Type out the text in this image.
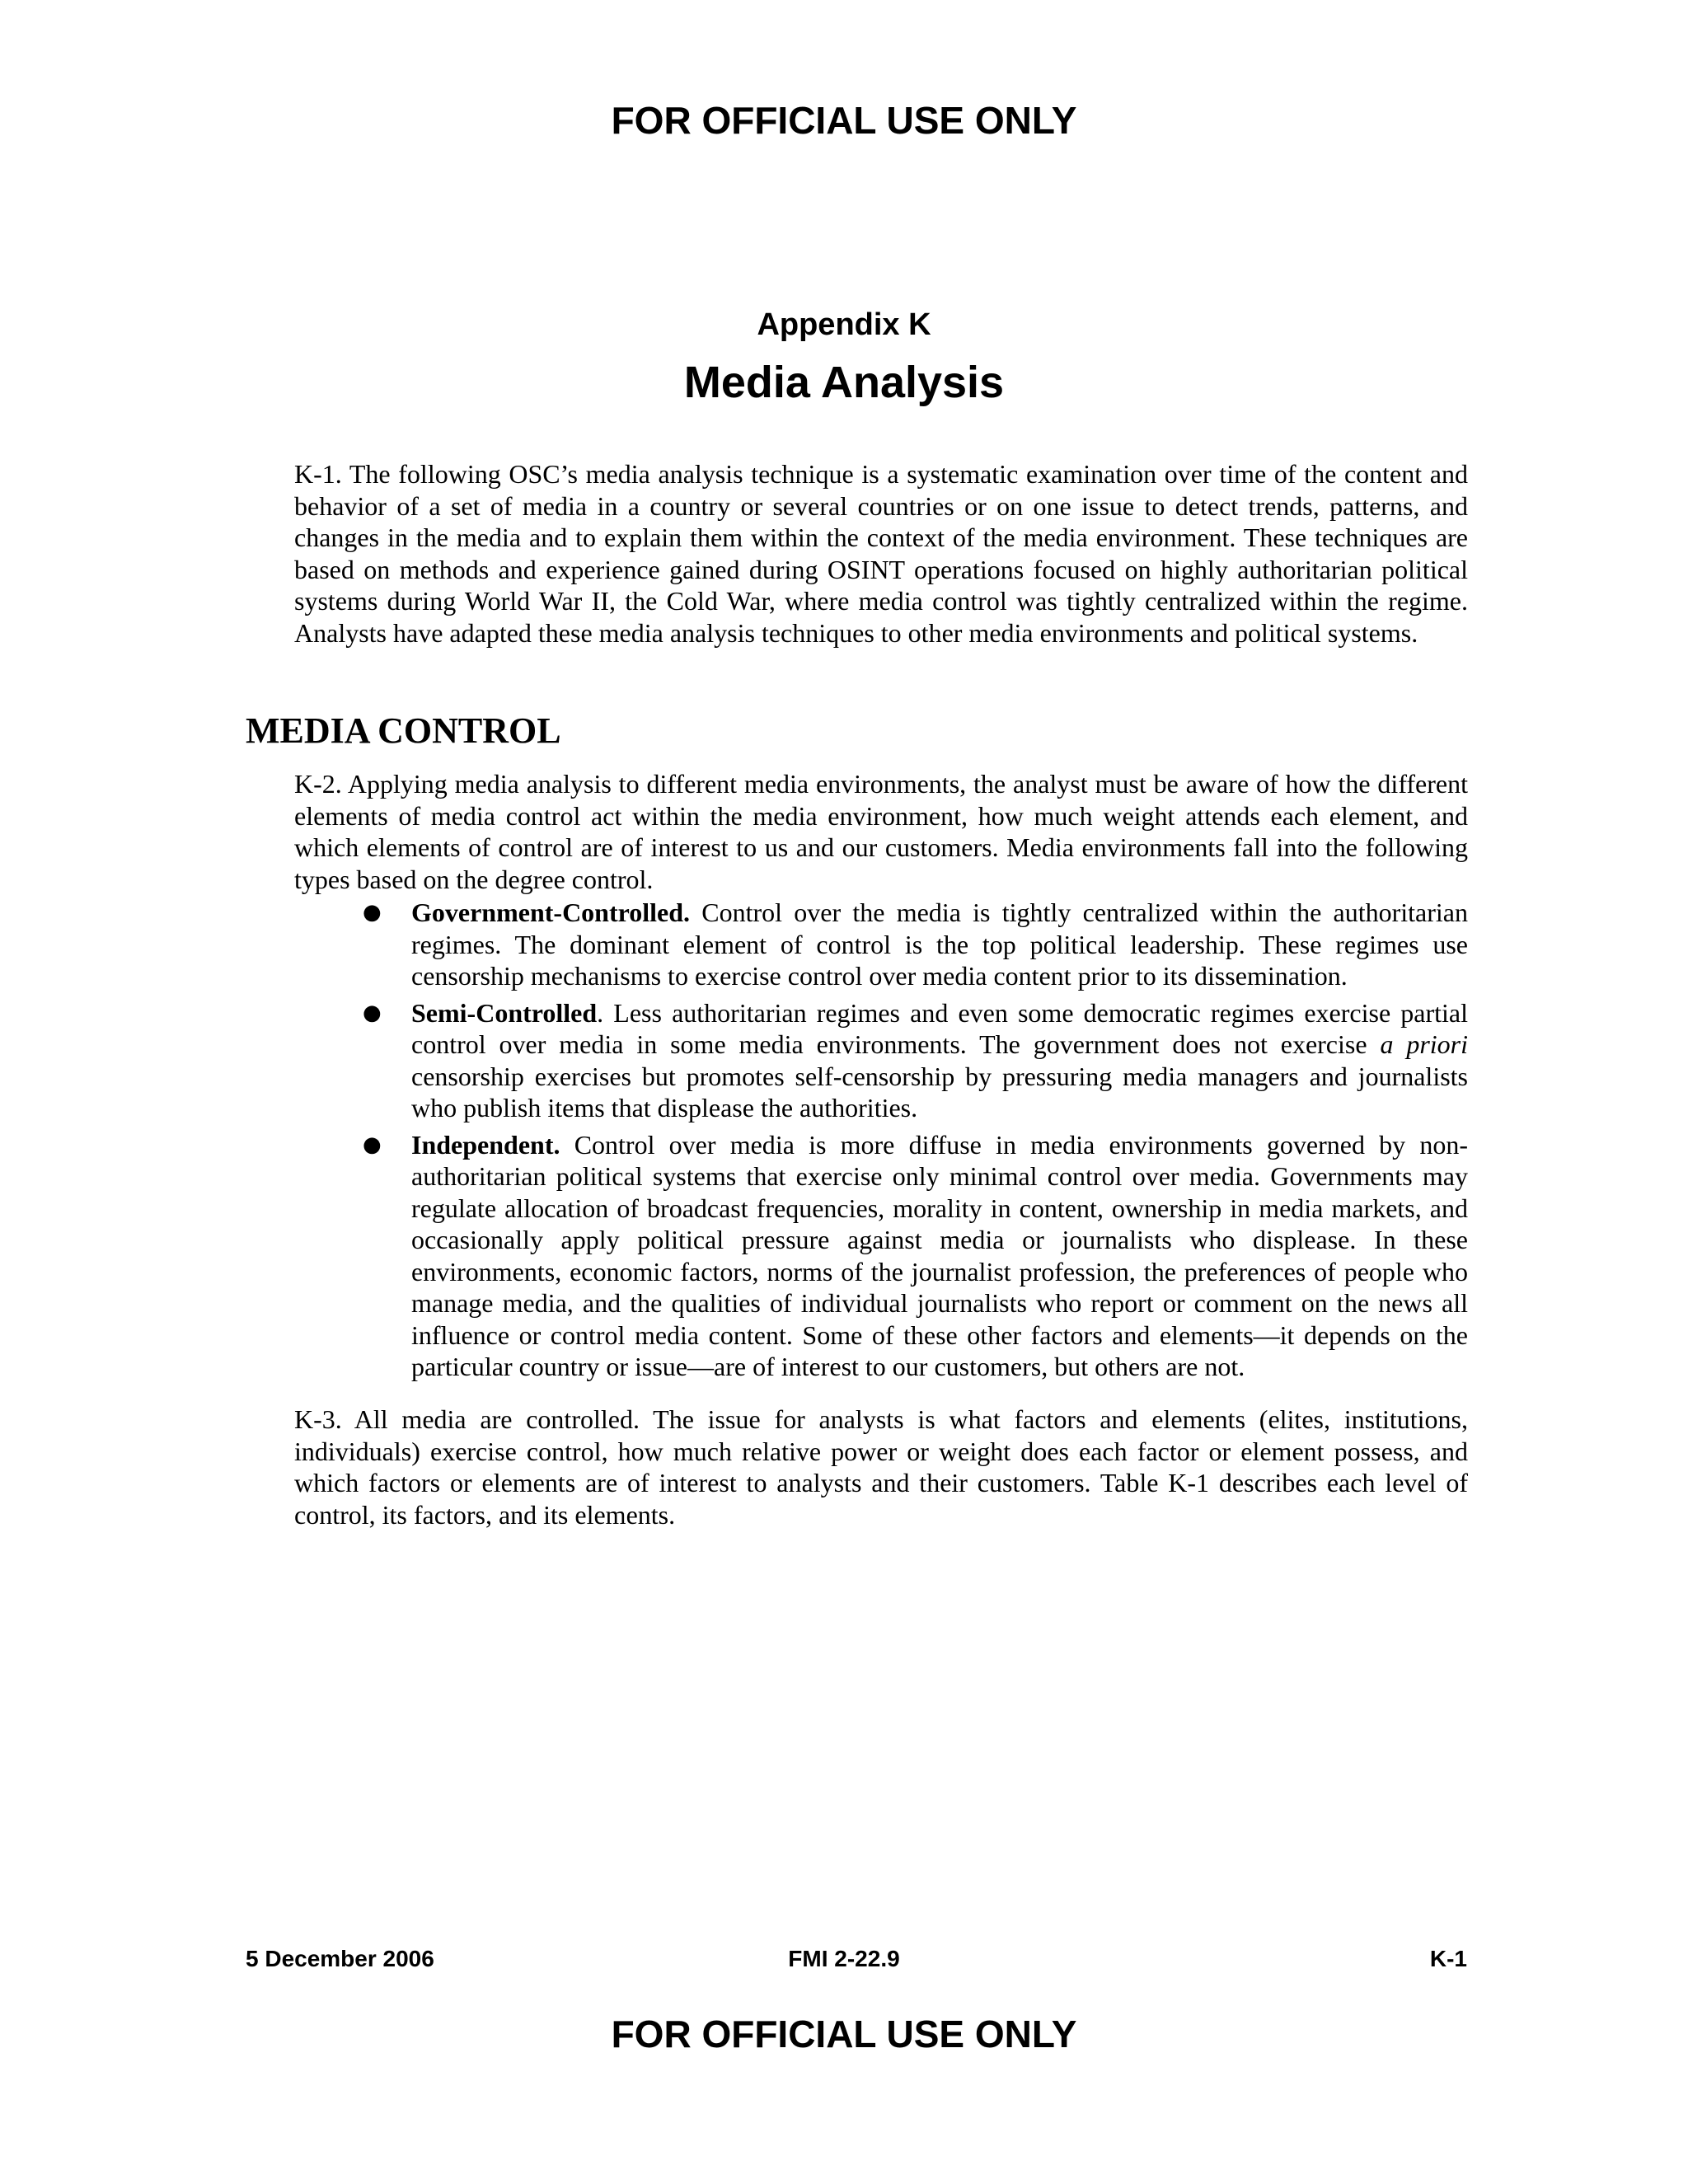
FOR OFFICIAL USE ONLY
Appendix K
Media Analysis

K-1. The following OSC’s media analysis technique is a systematic examination over time of the content and behavior of a set of media in a country or several countries or on one issue to detect trends, patterns, and changes in the media and to explain them within the context of the media environment. These techniques are based on methods and experience gained during OSINT operations focused on highly authoritarian political systems during World War II, the Cold War, where media control was tightly centralized within the regime. Analysts have adapted these media analysis techniques to other media environments and political systems.

MEDIA CONTROL

K-2. Applying media analysis to different media environments, the analyst must be aware of how the different elements of media control act within the media environment, how much weight attends each element, and which elements of control are of interest to us and our customers. Media environments fall into the following types based on the degree control.

● Government-Controlled. Control over the media is tightly centralized within the authoritarian regimes. The dominant element of control is the top political leadership. These regimes use censorship mechanisms to exercise control over media content prior to its dissemination.
● Semi-Controlled. Less authoritarian regimes and even some democratic regimes exercise partial control over media in some media environments. The government does not exercise a priori censorship exercises but promotes self-censorship by pressuring media managers and journalists who publish items that displease the authorities.
● Independent. Control over media is more diffuse in media environments governed by non-authoritarian political systems that exercise only minimal control over media. Governments may regulate allocation of broadcast frequencies, morality in content, ownership in media markets, and occasionally apply political pressure against media or journalists who displease. In these environments, economic factors, norms of the journalist profession, the preferences of people who manage media, and the qualities of individual journalists who report or comment on the news all influence or control media content. Some of these other factors and elements—it depends on the particular country or issue—are of interest to our customers, but others are not.

K-3. All media are controlled. The issue for analysts is what factors and elements (elites, institutions, individuals) exercise control, how much relative power or weight does each factor or element possess, and which factors or elements are of interest to analysts and their customers. Table K-1 describes each level of control, its factors, and its elements.

5 December 2006	FMI 2-22.9	K-1
FOR OFFICIAL USE ONLY
